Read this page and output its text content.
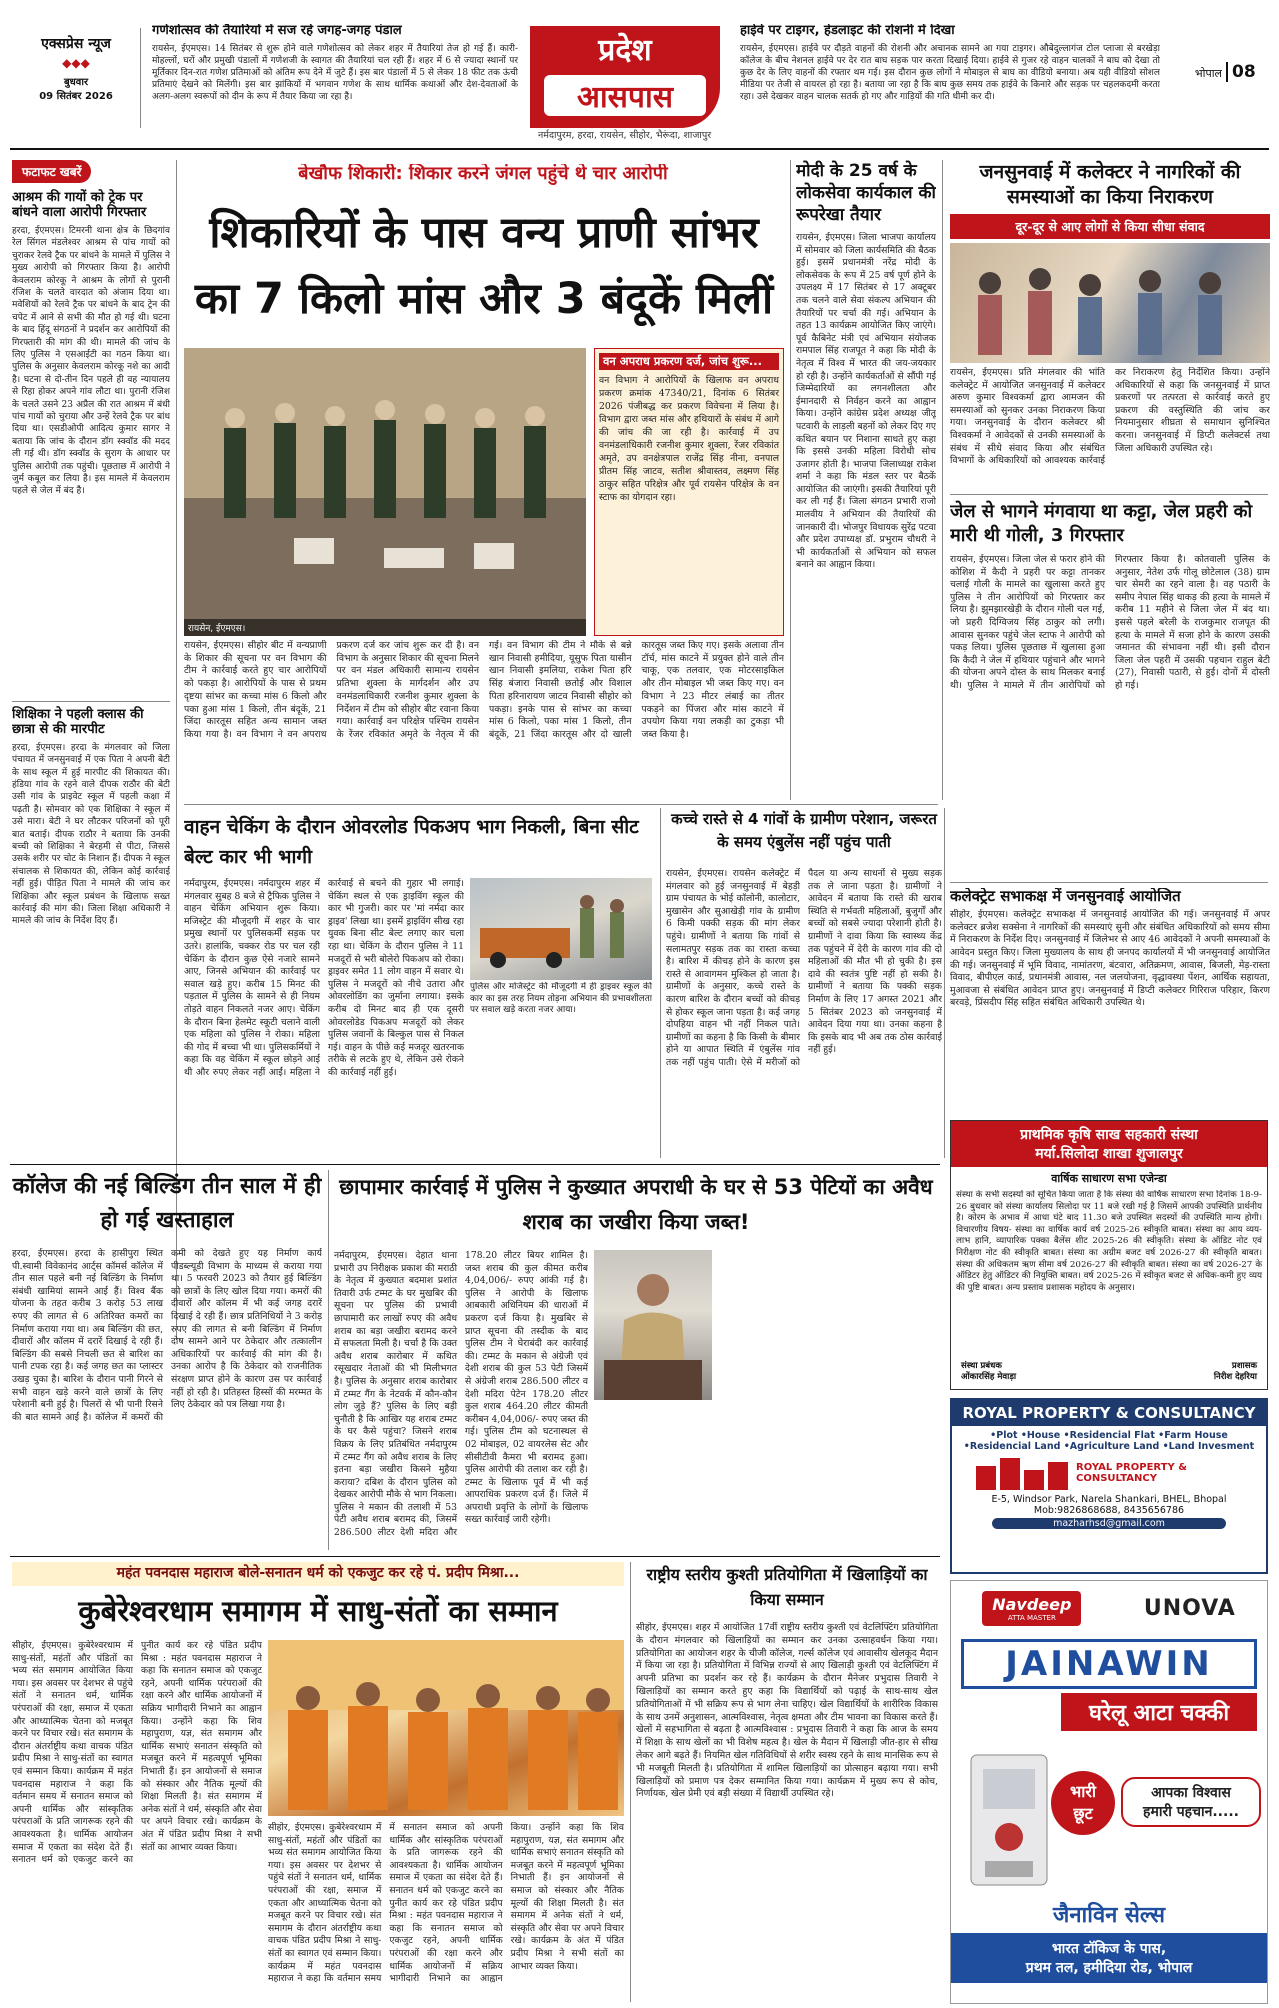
एक्सप्रेस न्यूज
◆◆◆
बुधवार
09 सितंबर 2026
गणेशोत्सव की तैयारियों में सज रहे जगह-जगह पंडाल
रायसेन, ईएमएस। 14 सितंबर से शुरू होने वाले गणेशोत्सव को लेकर शहर में तैयारियां तेज हो गई हैं। कारी-मोहल्लों, घरों और प्रमुखी पंडालों में गणेशजी के स्वागत की तैयारियां चल रही हैं। शहर में 6 से ज्यादा स्थानों पर मूर्तिकार दिन-रात गणेश प्रतिमाओं को अंतिम रूप देने में जुटे हैं। इस बार पंडालों में 5 से लेकर 18 फीट तक ऊंची प्रतिमाएं देखने को मिलेंगी। इस बार झांकियों में भगवान गणेश के साथ धार्मिक कथाओं और देश-देवताओं के अलग-अलग स्वरूपों को दीन के रूप में तैयार किया जा रहा है।
प्रदेश
आसपास
नर्मदापुरम, हरदा, रायसेन, सीहोर, भैरूंदा, शाजापुर
हाईवे पर टाइगर, हेडलाइट की रोशनी में दिखा
रायसेन, ईएमएस। हाईवे पर दौड़ते वाहनों की रोशनी और अचानक सामने आ गया टाइगर। औबेदुल्लागंज टोल प्लाजा से बरखेड़ा कॉलेज के बीच नेशनल हाईवे पर देर रात बाघ सड़क पार करता दिखाई दिया। हाईवे से गुजर रहे वाहन चालकों ने बाघ को देखा तो कुछ देर के लिए वाहनों की रफ्तार थम गई। इस दौरान कुछ लोगों ने मोबाइल से बाघ का वीडियो बनाया। अब यही वीडियो सोशल मीडिया पर तेजी से वायरल हो रहा है। बताया जा रहा है कि बाघ कुछ समय तक हाईवे के किनारे और सड़क पर चहलकदमी करता रहा। उसे देखकर वाहन चालक सतर्क हो गए और गाड़ियों की गति धीमी कर दी।
भोपाल 08
फटाफट खबरें
आश्रम की गायों को ट्रेक पर बांधने वाला आरोपी गिरफ्तार
हरदा, ईएमएस। टिमरनी थाना क्षेत्र के छिदगांव रेल सिंगल मंडलेश्वर आश्रम से पांच गायों को चुराकर रेलवे ट्रैक पर बांधने के मामले में पुलिस ने मुख्य आरोपी को गिरफ्तार किया है। आरोपी केवलराम कोरकू ने आश्रम के लोगों से पुरानी रंजिश के चलते वारदात को अंजाम दिया था। मवेशियों को रेलवे ट्रैक पर बांधने के बाद ट्रेन की चपेट में आने से सभी की मौत हो गई थी। घटना के बाद हिंदू संगठनों ने प्रदर्शन कर आरोपियों की गिरफ्तारी की मांग की थी। मामले की जांच के लिए पुलिस ने एसआईटी का गठन किया था। पुलिस के अनुसार केवलराम कोरकू नशे का आदी है। घटना से दो-तीन दिन पहले ही वह न्यायालय से रिहा होकर अपने गांव लौटा था। पुरानी रंजिश के चलते उसने 23 अप्रैल की रात आश्रम में बंधी पांच गायों को चुराया और उन्हें रेलवे ट्रैक पर बांध दिया था। एसडीओपी आदित्य कुमार सागर ने बताया कि जांच के दौरान डॉग स्क्वॉड की मदद ली गई थी। डॉग स्क्वॉड के सुराग के आधार पर पुलिस आरोपी तक पहुंची। पूछताछ में आरोपी ने जुर्म कबूल कर लिया है। इस मामले में केवलराम पहले से जेल में बंद है।
शिक्षिका ने पहली क्लास की छात्रा से की मारपीट
हरदा, ईएमएस। हरदा के मंगलवार को जिला पंचायत में जनसुनवाई में एक पिता ने अपनी बेटी के साथ स्कूल में हुई मारपीट की शिकायत की। हंडिया गांव के रहने वाले दीपक राठौर की बेटी उसी गांव के प्राइवेट स्कूल में पहली कक्षा में पढ़ती है। सोमवार को एक शिक्षिका ने स्कूल में उसे मारा। बेटी ने घर लौटकर परिजनों को पूरी बात बताई। दीपक राठौर ने बताया कि उनकी बच्ची को शिक्षिका ने बेरहमी से पीटा, जिससे उसके शरीर पर चोट के निशान हैं। दीपक ने स्कूल संचालक से शिकायत की, लेकिन कोई कार्रवाई नहीं हुई। पीड़ित पिता ने मामले की जांच कर शिक्षिका और स्कूल प्रबंधन के खिलाफ सख्त कार्रवाई की मांग की। जिला शिक्षा अधिकारी ने मामले की जांच के निर्देश दिए हैं।
बेखौफ शिकारी: शिकार करने जंगल पहुंचे थे चार आरोपी
शिकारियों के पास वन्य प्राणी सांभर का 7 किलो मांस और 3 बंदूकें मिलीं
रायसेन, ईएमएस।
वन अपराध प्रकरण दर्ज, जांच शुरू...
वन विभाग ने आरोपियों के खिलाफ वन अपराध प्रकरण क्रमांक 47340/21, दिनांक 6 सितंबर 2026 पंजीबद्ध कर प्रकरण विवेचना में लिया है। विभाग द्वारा जब्त मांस और हथियारों के संबंध में आगे की जांच की जा रही है। कार्रवाई में उप वनमंडलाधिकारी रजनीश कुमार शुक्ला, रेंजर रविकांत अमृते, उप वनक्षेत्रपाल राजेंद्र सिंह नीना, वनपाल प्रीतम सिंह जाटव, सतीश श्रीवास्तव, लक्ष्मण सिंह ठाकुर सहित परिक्षेत्र और पूर्व रायसेन परिक्षेत्र के वन स्टाफ का योगदान रहा।
रायसेन, ईएमएस। सीहोर बीट में वन्यप्राणी के शिकार की सूचना पर वन विभाग की टीम ने कार्रवाई करते हुए चार आरोपियों को पकड़ा है। आरोपियों के पास से प्रथम दृष्टया सांभर का कच्चा मांस 6 किलो और पका हुआ मांस 1 किलो, तीन बंदूकें, 21 जिंदा कारतूस सहित अन्य सामान जब्त किया गया है। वन विभाग ने वन अपराध प्रकरण दर्ज कर जांच शुरू कर दी है। वन विभाग के अनुसार शिकार की सूचना मिलने पर वन मंडल अधिकारी सामान्य रायसेन प्रतिभा शुक्ला के मार्गदर्शन और उप वनमंडलाधिकारी रजनीश कुमार शुक्ला के निर्देशन में टीम को सीहोर बीट रवाना किया गया। कार्रवाई वन परिक्षेत्र पश्चिम रायसेन के रेंजर रविकांत अमृते के नेतृत्व में की गई। वन विभाग की टीम ने मौके से बन्ने खान निवासी हमीदिया, यूसुफ पिता यासीन खान निवासी इमलिया, राकेश पिता हरि सिंह बंजारा निवासी छतोई और विशाल पिता हरिनारायण जाटव निवासी सीहोर को पकड़ा। इनके पास से सांभर का कच्चा मांस 6 किलो, पका मांस 1 किलो, तीन बंदूकें, 21 जिंदा कारतूस और दो खाली कारतूस जब्त किए गए। इसके अलावा तीन टॉर्च, मांस काटने में प्रयुक्त होने वाले तीन चाकू, एक तलवार, एक मोटरसाइकिल और तीन मोबाइल भी जब्त किए गए। वन विभाग ने 23 मीटर लंबाई का तीतर पकड़ने का पिंजरा और मांस काटने में उपयोग किया गया लकड़ी का टुकड़ा भी जब्त किया है।
मोदी के 25 वर्ष के लोकसेवा कार्यकाल की रूपरेखा तैयार
रायसेन, ईएमएस। जिला भाजपा कार्यालय में सोमवार को जिला कार्यसमिति की बैठक हुई। इसमें प्रधानमंत्री नरेंद्र मोदी के लोकसेवक के रूप में 25 वर्ष पूर्ण होने के उपलक्ष्य में 17 सितंबर से 17 अक्टूबर तक चलने वाले सेवा संकल्प अभियान की तैयारियों पर चर्चा की गई। अभियान के तहत 13 कार्यक्रम आयोजित किए जाएंगे। पूर्व कैबिनेट मंत्री एवं अभियान संयोजक रामपाल सिंह राजपूत ने कहा कि मोदी के नेतृत्व में विश्व में भारत की जय-जयकार हो रही है। उन्होंने कार्यकर्ताओं से सौंपी गई जिम्मेदारियों का लगनशीलता और ईमानदारी से निर्वहन करने का आह्वान किया। उन्होंने कांग्रेस प्रदेश अध्यक्ष जीतू पटवारी के लाड़ली बहनों को लेकर दिए गए कथित बयान पर निशाना साधते हुए कहा कि इससे उनकी महिला विरोधी सोच उजागर होती है। भाजपा जिलाध्यक्ष राकेश शर्मा ने कहा कि मंडल स्तर पर बैठकें आयोजित की जाएंगी। इसकी तैयारियां पूरी कर ली गई हैं। जिला संगठन प्रभारी राजो मालवीय ने अभियान की तैयारियों की जानकारी दी। भोजपुर विधायक सुरेंद्र पटवा और प्रदेश उपाध्यक्ष डॉ. प्रभुराम चौधरी ने भी कार्यकर्ताओं से अभियान को सफल बनाने का आह्वान किया।
जनसुनवाई में कलेक्टर ने नागरिकों की समस्याओं का किया निराकरण
दूर-दूर से आए लोगों से किया सीधा संवाद
रायसेन, ईएमएस। प्रति मंगलवार की भांति कलेक्ट्रेट में आयोजित जनसुनवाई में कलेक्टर अरुण कुमार विश्वकर्मा द्वारा आमजन की समस्याओं को सुनकर उनका निराकरण किया गया। जनसुनवाई के दौरान कलेक्टर श्री विश्वकर्मा ने आवेदकों से उनकी समस्याओं के संबंध में सीधे संवाद किया और संबंधित विभागों के अधिकारियों को आवश्यक कार्रवाई कर निराकरण हेतु निर्देशित किया। उन्होंने अधिकारियों से कहा कि जनसुनवाई में प्राप्त प्रकरणों पर तत्परता से कार्रवाई करते हुए प्रकरण की वस्तुस्थिति की जांच कर नियमानुसार शीघ्रता से समाधान सुनिश्चित करना। जनसुनवाई में डिप्टी कलेक्टर्स तथा जिला अधिकारी उपस्थित रहे।
जेल से भागने मंगवाया था कट्टा, जेल प्रहरी को मारी थी गोली, 3 गिरफ्तार
रायसेन, ईएमएस। जिला जेल से फरार होने की कोशिश में कैदी ने प्रहरी पर कट्टा तानकर चलाई गोली के मामले का खुलासा करते हुए पुलिस ने तीन आरोपियों को गिरफ्तार कर लिया है। झुमझारखेड़ी के दौरान गोली चल गई, जो प्रहरी दिग्विजय सिंह ठाकुर को लगी। आवास सुनकर पहुंचे जेल स्टाफ ने आरोपी को पकड़ लिया। पुलिस पूछताछ में खुलासा हुआ कि कैदी ने जेल में हथियार पहुंचाने और भागने की योजना अपने दोस्त के साथ मिलकर बनाई थी। पुलिस ने मामले में तीन आरोपियों को गिरफ्तार किया है। कोतवाली पुलिस के अनुसार, नेतेश उर्फ गोलू छोटेलाल (38) ग्राम चार सेमरी का रहने वाला है। वह पठारी के समीप नेपाल सिंह धाकड़ की हत्या के मामले में करीब 11 महीने से जिला जेल में बंद था। इससे पहले बरेली के राजकुमार राजपूत की हत्या के मामले में सजा होने के कारण उसकी जमानत की संभावना नहीं थी। इसी दौरान जिला जेल पहरी में उसकी पहचान राहुल बेटी (27), निवासी पठारी, से हुई। दोनों में दोस्ती हो गई।
कलेक्ट्रेट सभाकक्ष में जनसुनवाई आयोजित
सीहोर, ईएमएस। कलेक्ट्रेट सभाकक्ष में जनसुनवाई आयोजित की गई। जनसुनवाई में अपर कलेक्टर ब्रजेश सक्सेना ने नागरिकों की समस्याएं सुनी और संबंधित अधिकारियों को समय सीमा में निराकरण के निर्देश दिए। जनसुनवाई में जिलेभर से आए 46 आवेदकों ने अपनी समस्याओं के आवेदन प्रस्तुत किए। जिला मुख्यालय के साथ ही जनपद कार्यालयों में भी जनसुनवाई आयोजित की गई। जनसुनवाई में भूमि विवाद, नामांतरण, बंटवारा, अतिक्रमण, आवास, बिजली, मेड़-रास्ता विवाद, बीपीएल कार्ड, प्रधानमंत्री आवास, नल जलयोजना, वृद्धावस्था पेंशन, आर्थिक सहायता, मुआवजा से संबंधित आवेदन प्राप्त हुए। जनसुनवाई में डिप्टी कलेक्टर गिरिराज परिहार, किरण बरवड़े, प्रिंसदीप सिंह सहित संबंधित अधिकारी उपस्थित थे।
वाहन चेकिंग के दौरान ओवरलोड पिकअप भाग निकली, बिना सीट बेल्ट कार भी भागी
पुलिस और मजिस्ट्रेट की मौजूदगी में ही ड्राइवर स्कूल की कार का इस तरह नियम तोड़ना अभियान की प्रभावशीलता पर सवाल खड़े करता नजर आया।
नर्मदापुरम, ईएमएस। नर्मदापुरम शहर में मंगलवार सुबह 8 बजे से ट्रैफिक पुलिस ने वाहन चेकिंग अभियान शुरू किया। मजिस्ट्रेट की मौजूदगी में शहर के चार प्रमुख स्थानों पर पुलिसकर्मी सड़क पर उतरे। हालांकि, चक्कर रोड पर चल रही चेकिंग के दौरान कुछ ऐसे नजारे सामने आए, जिनसे अभियान की कार्रवाई पर सवाल खड़े हुए। करीब 15 मिनट की पड़ताल में पुलिस के सामने से ही नियम तोड़ते वाहन निकलते नजर आए। चेकिंग के दौरान बिना हेलमेट स्कूटी चलाने वाली एक महिला को पुलिस ने रोका। महिला की गोद में बच्चा भी था। पुलिसकर्मियों ने कहा कि वह चेकिंग में स्कूल छोड़ने आई थी और रुपए लेकर नहीं आईं। महिला ने कार्रवाई से बचने की गुहार भी लगाई। चेकिंग स्थल से एक ड्राइविंग स्कूल की कार भी गुजरी। कार पर 'मां नर्मदा कार ड्राइव' लिखा था। इसमें ड्राइविंग सीख रहा युवक बिना सीट बेल्ट लगाए कार चला रहा था। चेकिंग के दौरान पुलिस ने 11 मजदूरों से भरी बोलेरो पिकअप को रोका। ड्राइवर समेत 11 लोग वाहन में सवार थे। पुलिस ने मजदूरों को नीचे उतारा और ओवरलोडिंग का जुर्माना लगाया। इसके करीब दो मिनट बाद ही एक दूसरी ओवरलोडेड पिकअप मजदूरों को लेकर पुलिस जवानों के बिल्कुल पास से निकल गई। वाहन के पीछे कई मजदूर खतरनाक तरीके से लटके हुए थे, लेकिन उसे रोकने की कार्रवाई नहीं हुई।
कच्चे रास्ते से 4 गांवों के ग्रामीण परेशान, जरूरत के समय एंबुलेंस नहीं पहुंच पाती
रायसेन, ईएमएस। रायसेन कलेक्ट्रेट में मंगलवार को हुई जनसुनवाई में बेहड़ी ग्राम पंचायत के भोई कॉलोनी, कालोटार, मुखासेन और सुआखेड़ी गांव के ग्रामीण 6 किमी पक्की सड़क की मांग लेकर पहुंचे। ग्रामीणों ने बताया कि गांवों से सलामतपुर सड़क तक का रास्ता कच्चा है। बारिश में कीचड़ होने के कारण इस रास्ते से आवागमन मुश्किल हो जाता है। ग्रामीणों के अनुसार, कच्चे रास्ते के कारण बारिश के दौरान बच्चों को कीचड़ से होकर स्कूल जाना पड़ता है। कई जगह दोपहिया वाहन भी नहीं निकल पाते। ग्रामीणों का कहना है कि किसी के बीमार होने या आपात स्थिति में एंबुलेंस गांव तक नहीं पहुंच पाती। ऐसे में मरीजों को पैदल या अन्य साधनों से मुख्य सड़क तक ले जाना पड़ता है। ग्रामीणों ने आवेदन में बताया कि रास्ते की खराब स्थिति से गर्भवती महिलाओं, बुजुर्गों और बच्चों को सबसे ज्यादा परेशानी होती है। ग्रामीणों ने दावा किया कि स्वास्थ्य केंद्र तक पहुंचने में देरी के कारण गांव की दो महिलाओं की मौत भी हो चुकी है। इस दावे की स्वतंत्र पुष्टि नहीं हो सकी है। ग्रामीणों ने बताया कि पक्की सड़क निर्माण के लिए 17 अगस्त 2021 और 5 सितंबर 2023 को जनसुनवाई में आवेदन दिया गया था। उनका कहना है कि इसके बाद भी अब तक ठोस कार्रवाई नहीं हुई।
कॉलेज की नई बिल्डिंग तीन साल में ही हो गई खस्ताहाल
हरदा, ईएमएस। हरदा के हासीपुरा स्थित पी.स्वामी विवेकानंद आर्ट्स कॉमर्स कॉलेज में तीन साल पहले बनी नई बिल्डिंग के निर्माण संबंधी खामियां सामने आई हैं। विश्व बैंक योजना के तहत करीब 3 करोड़ 53 लाख रुपए की लागत से 6 अतिरिक्त कमरों का निर्माण कराया गया था। अब बिल्डिंग की छत, दीवारों और कॉलम में दरारें दिखाई दे रही हैं। बिल्डिंग की सबसे निचली छत से बारिश का पानी टपक रहा है। कई जगह छत का प्लास्टर उखड़ चुका है। बारिश के दौरान पानी गिरने से सभी वाहन खड़े करने वाले छात्रों के लिए परेशानी बनी हुई है। पिलरों से भी पानी रिसने की बात सामने आई है। कॉलेज में कमरों की कमी को देखते हुए यह निर्माण कार्य पीडब्ल्यूडी विभाग के माध्यम से कराया गया था। 5 फरवरी 2023 को तैयार हुई बिल्डिंग को छात्रों के लिए खोल दिया गया। कमरों की दीवारों और कॉलम में भी कई जगह दरारें दिखाई दे रही हैं। छात्र प्रतिनिधियों ने 3 करोड़ रुपए की लागत से बनी बिल्डिंग में निर्माण दोष सामने आने पर ठेकेदार और तत्कालीन अधिकारियों पर कार्रवाई की मांग की है। उनका आरोप है कि ठेकेदार को राजनीतिक संरक्षण प्राप्त होने के कारण उस पर कार्रवाई नहीं हो रही है। प्रतिहस्त हिस्सों की मरम्मत के लिए ठेकेदार को पत्र लिखा गया है।
छापामार कार्रवाई में पुलिस ने कुख्यात अपराधी के घर से 53 पेटियों का अवैध शराब का जखीरा किया जब्त!
नर्मदापुरम, ईएमएस। देहात थाना प्रभारी उप निरीक्षक प्रकाश की मराठी के नेतृत्व में कुख्यात बदमाश प्रशांत तिवारी उर्फ टम्मट के घर मुखबिर की सूचना पर पुलिस की प्रभावी छापामारी कर लाखों रुपए की अवैध शराब का बड़ा जखीरा बरामद करने में सफलता मिली है। चर्चा है कि उक्त अवैध शराब कारोबार में कथित रसूखदार नेताओं की भी मिलीभगत है। पुलिस के अनुसार शराब कारोबार में टम्मट गैंग के नेटवर्क में कौन-कौन लोग जुड़े हैं? पुलिस के लिए बड़ी चुनौती है कि आखिर यह शराब टम्मट के घर कैसे पहुंचा? जिसने शराब विक्रय के लिए प्रतिबंधित नर्मदापुरम में टम्मट गैंग को अवैध शराब के लिए इतना बड़ा जखीरा किसने मुहैया कराया? दबिश के दौरान पुलिस को देखकर आरोपी मौके से भाग निकला। पुलिस ने मकान की तलाशी में 53 पेटी अवैध शराब बरामद की, जिसमें 286.500 लीटर देशी मदिरा और 178.20 लीटर बियर शामिल है। जब्त शराब की कुल कीमत करीब 4,04,006/- रुपए आंकी गई है। पुलिस ने आरोपी के खिलाफ आबकारी अधिनियम की धाराओं में प्रकरण दर्ज किया है। मुखबिर से प्राप्त सूचना की तस्दीक के बाद पुलिस टीम ने घेराबंदी कर कार्रवाई की। टम्मट के मकान से अंग्रेजी एवं देशी शराब की कुल 53 पेटी जिसमें से अंग्रेजी शराब 286.500 लीटर व देशी मदिरा पेटेन 178.20 लीटर कुल शराब 464.20 लीटर कीमती करीबन 4,04,006/- रुपए जब्त की गई। पुलिस टीम को घटनास्थल से 02 मोबाइल, 02 वायरलेस सेट और सीसीटीवी कैमरा भी बरामद हुआ। पुलिस आरोपी की तलाश कर रही है। टम्मट के खिलाफ पूर्व में भी कई आपराधिक प्रकरण दर्ज हैं। जिले में अपराधी प्रवृत्ति के लोगों के खिलाफ सख्त कार्रवाई जारी रहेगी।
प्राथमिक कृषि साख सहकारी संस्था
मर्या.सिलोदा शाखा शुजालपुर
वार्षिक साधारण सभा एजेन्डा
संस्था के सभी सदस्यों को सूचित किया जाता है कि संस्था की वार्षिक साधारण सभा दिनांक 18-9-26 बुधवार को संस्था कार्यालय सिलोदा पर 11 बजे रखी गई है जिसमें आपकी उपस्थिति प्रार्थनीय है। कोरम के अभाव में आधा घंटे बाद 11.30 बजे उपस्थित सदस्यों की उपस्थिति मान्य होगी। विचारणीय विषय- संस्था का वार्षिक कार्य वर्ष 2025-26 स्वीकृति बाबत। संस्था का आय व्यय-लाभ हानि, व्यापारिक पक्का बैलेंस शीट 2025-26 की स्वीकृति। संस्था के ऑडिट नोट एवं निरीक्षण नोट की स्वीकृति बाबत। संस्था का अग्रीम बजट वर्ष 2026-27 की स्वीकृति बाबत। संस्था की अधिकतम ऋण सीमा वर्ष 2026-27 की स्वीकृति बाबत। संस्था का वर्ष 2026-27 के ऑडिटर हेतु ऑडिटर की नियुक्ति बाबत। वर्ष 2025-26 में स्वीकृत बजट से अधिक-कमी हुए व्यय की पुष्टि बाबत। अन्य प्रस्ताव प्रशासक महोदय के अनुसार।
संस्था प्रबंधक
ओंकारसिंह मेवाड़ा
प्रशासक
निरीश देहरिया
ROYAL PROPERTY & CONSULTANCY
•Plot •House •Residencial Flat •Farm House
•Residencial Land •Agriculture Land •Land Invesment
ROYAL PROPERTY & CONSULTANCY
E-5, Windsor Park, Narela Shankari, BHEL, Bhopal
Mob:9826868688, 8435656786
mazharhsd@gmail.com
महंत पवनदास महाराज बोले-सनातन धर्म को एकजुट कर रहे पं. प्रदीप मिश्रा...
कुबेरेश्वरधाम समागम में साधु-संतों का सम्मान
सीहोर, ईएमएस। कुबेरेश्वरधाम में साधु-संतों, महंतों और पंडितों का भव्य संत समागम आयोजित किया गया। इस अवसर पर देशभर से पहुंचे संतों ने सनातन धर्म, धार्मिक परंपराओं की रक्षा, समाज में एकता और आध्यात्मिक चेतना को मजबूत करने पर विचार रखे। संत समागम के दौरान अंतर्राष्ट्रीय कथा वाचक पंडित प्रदीप मिश्रा ने साधु-संतों का स्वागत एवं सम्मान किया। कार्यक्रम में महंत पवनदास महाराज ने कहा कि वर्तमान समय में सनातन समाज को अपनी धार्मिक और सांस्कृतिक परंपराओं के प्रति जागरूक रहने की आवश्यकता है। धार्मिक आयोजन समाज में एकता का संदेश देते हैं। सनातन धर्म को एकजुट करने का पुनीत कार्य कर रहे पंडित प्रदीप मिश्रा : महंत पवनदास महाराज ने कहा कि सनातन समाज को एकजुट रहने, अपनी धार्मिक परंपराओं की रक्षा करने और धार्मिक आयोजनों में सक्रिय भागीदारी निभाने का आह्वान किया। उन्होंने कहा कि शिव महापुराण, यज्ञ, संत समागम और धार्मिक सभाएं सनातन संस्कृति को मजबूत करने में महत्वपूर्ण भूमिका निभाती हैं। इन आयोजनों से समाज को संस्कार और नैतिक मूल्यों की शिक्षा मिलती है। संत समागम में अनेक संतों ने धर्म, संस्कृति और सेवा पर अपने विचार रखे। कार्यक्रम के अंत में पंडित प्रदीप मिश्रा ने सभी संतों का आभार व्यक्त किया।
सीहोर, ईएमएस। कुबेरेश्वरधाम में साधु-संतों, महंतों और पंडितों का भव्य संत समागम आयोजित किया गया। इस अवसर पर देशभर से पहुंचे संतों ने सनातन धर्म, धार्मिक परंपराओं की रक्षा, समाज में एकता और आध्यात्मिक चेतना को मजबूत करने पर विचार रखे। संत समागम के दौरान अंतर्राष्ट्रीय कथा वाचक पंडित प्रदीप मिश्रा ने साधु-संतों का स्वागत एवं सम्मान किया। कार्यक्रम में महंत पवनदास महाराज ने कहा कि वर्तमान समय में सनातन समाज को अपनी धार्मिक और सांस्कृतिक परंपराओं के प्रति जागरूक रहने की आवश्यकता है। धार्मिक आयोजन समाज में एकता का संदेश देते हैं। सनातन धर्म को एकजुट करने का पुनीत कार्य कर रहे पंडित प्रदीप मिश्रा : महंत पवनदास महाराज ने कहा कि सनातन समाज को एकजुट रहने, अपनी धार्मिक परंपराओं की रक्षा करने और धार्मिक आयोजनों में सक्रिय भागीदारी निभाने का आह्वान किया। उन्होंने कहा कि शिव महापुराण, यज्ञ, संत समागम और धार्मिक सभाएं सनातन संस्कृति को मजबूत करने में महत्वपूर्ण भूमिका निभाती हैं। इन आयोजनों से समाज को संस्कार और नैतिक मूल्यों की शिक्षा मिलती है। संत समागम में अनेक संतों ने धर्म, संस्कृति और सेवा पर अपने विचार रखे। कार्यक्रम के अंत में पंडित प्रदीप मिश्रा ने सभी संतों का आभार व्यक्त किया।
राष्ट्रीय स्तरीय कुश्ती प्रतियोगिता में खिलाड़ियों का किया सम्मान
सीहोर, ईएमएस। शहर में आयोजित 17वीं राष्ट्रीय स्तरीय कुश्ती एवं वेटलिफ्टिंग प्रतियोगिता के दौरान मंगलवार को खिलाड़ियों का सम्मान कर उनका उत्साहवर्धन किया गया। प्रतियोगिता का आयोजन शहर के चीजी कॉलेज, गर्ल्स कॉलेज एवं आवासीय खेलकूद मैदान में किया जा रहा है। प्रतियोगिता में विभिन्न राज्यों से आए खिलाड़ी कुश्ती एवं वेटलिफ्टिंग में अपनी प्रतिभा का प्रदर्शन कर रहे हैं। कार्यक्रम के दौरान मैनेजर प्रभुदास तिवारी ने खिलाड़ियों का सम्मान करते हुए कहा कि विद्यार्थियों को पढ़ाई के साथ-साथ खेल प्रतियोगिताओं में भी सक्रिय रूप से भाग लेना चाहिए। खेल विद्यार्थियों के शारीरिक विकास के साथ उनमें अनुशासन, आत्मविश्वास, नेतृत्व क्षमता और टीम भावना का विकास करते हैं। खेलों में सहभागिता से बढ़ता है आत्मविश्वास : प्रभुदास तिवारी ने कहा कि आज के समय में शिक्षा के साथ खेलों का भी विशेष महत्व है। खेल के मैदान में खिलाड़ी जीत-हार से सीख लेकर आगे बढ़ते हैं। नियमित खेल गतिविधियों से शरीर स्वस्थ रहने के साथ मानसिक रूप से भी मजबूती मिलती है। प्रतियोगिता में शामिल खिलाड़ियों का प्रोत्साहन बढ़ाया गया। सभी खिलाड़ियों को प्रमाण पत्र देकर सम्मानित किया गया। कार्यक्रम में मुख्य रूप से कोच, निर्णायक, खेल प्रेमी एवं बड़ी संख्या में विद्यार्थी उपस्थित रहे।
Navdeep
ATTA MASTER	UNOVA
JAINAWIN
घरेलू आटा चक्की
भारी
छूट
आपका विश्वास
हमारी पहचान.....
जैनाविन सेल्स
भारत टॉकिज के पास,
प्रथम तल, हमीदिया रोड, भोपाल
